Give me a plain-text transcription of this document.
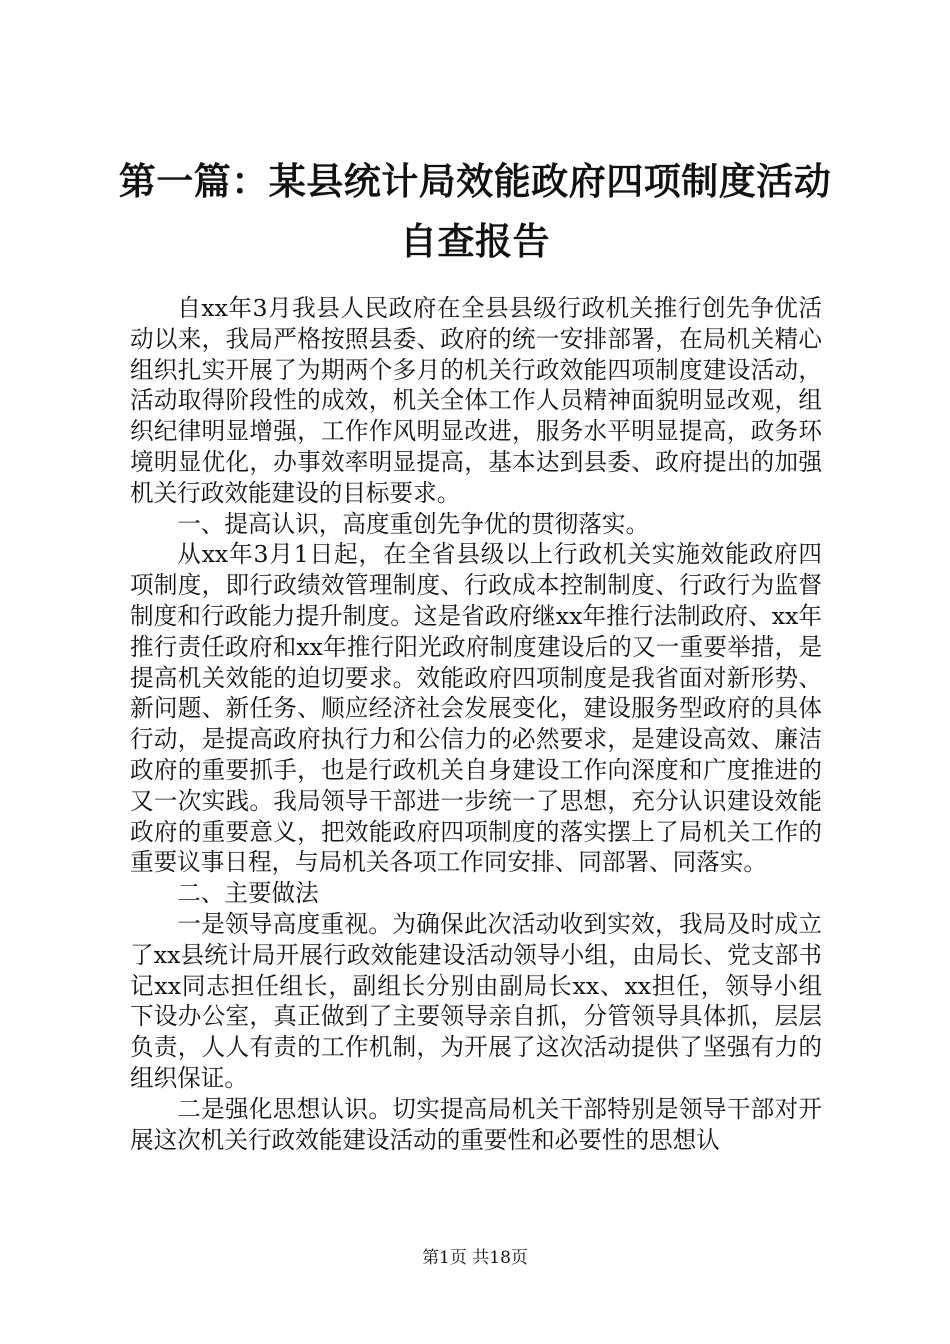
第一篇：某县统计局效能政府四项制度活动自查报告

自xx年3月我县人民政府在全县县级行政机关推行创先争优活动以来，我局严格按照县委、政府的统一安排部署，在局机关精心组织扎实开展了为期两个多月的机关行政效能四项制度建设活动，活动取得阶段性的成效，机关全体工作人员精神面貌明显改观，组织纪律明显增强，工作作风明显改进，服务水平明显提高，政务环境明显优化，办事效率明显提高，基本达到县委、政府提出的加强机关行政效能建设的目标要求。

一、提高认识，高度重创先争优的贯彻落实。

从xx年3月1日起，在全省县级以上行政机关实施效能政府四项制度，即行政绩效管理制度、行政成本控制制度、行政行为监督制度和行政能力提升制度。这是省政府继xx年推行法制政府、xx年推行责任政府和xx年推行阳光政府制度建设后的又一重要举措，是提高机关效能的迫切要求。效能政府四项制度是我省面对新形势、新问题、新任务、顺应经济社会发展变化，建设服务型政府的具体行动，是提高政府执行力和公信力的必然要求，是建设高效、廉洁政府的重要抓手，也是行政机关自身建设工作向深度和广度推进的又一次实践。我局领导干部进一步统一了思想，充分认识建设效能政府的重要意义，把效能政府四项制度的落实摆上了局机关工作的重要议事日程，与局机关各项工作同安排、同部署、同落实。

二、主要做法

一是领导高度重视。为确保此次活动收到实效，我局及时成立了xx县统计局开展行政效能建设活动领导小组，由局长、党支部书记xx同志担任组长，副组长分别由副局长xx、xx担任，领导小组下设办公室，真正做到了主要领导亲自抓，分管领导具体抓，层层负责，人人有责的工作机制，为开展了这次活动提供了坚强有力的组织保证。

二是强化思想认识。切实提高局机关干部特别是领导干部对开展这次机关行政效能建设活动的重要性和必要性的思想认

第1页 共18页
